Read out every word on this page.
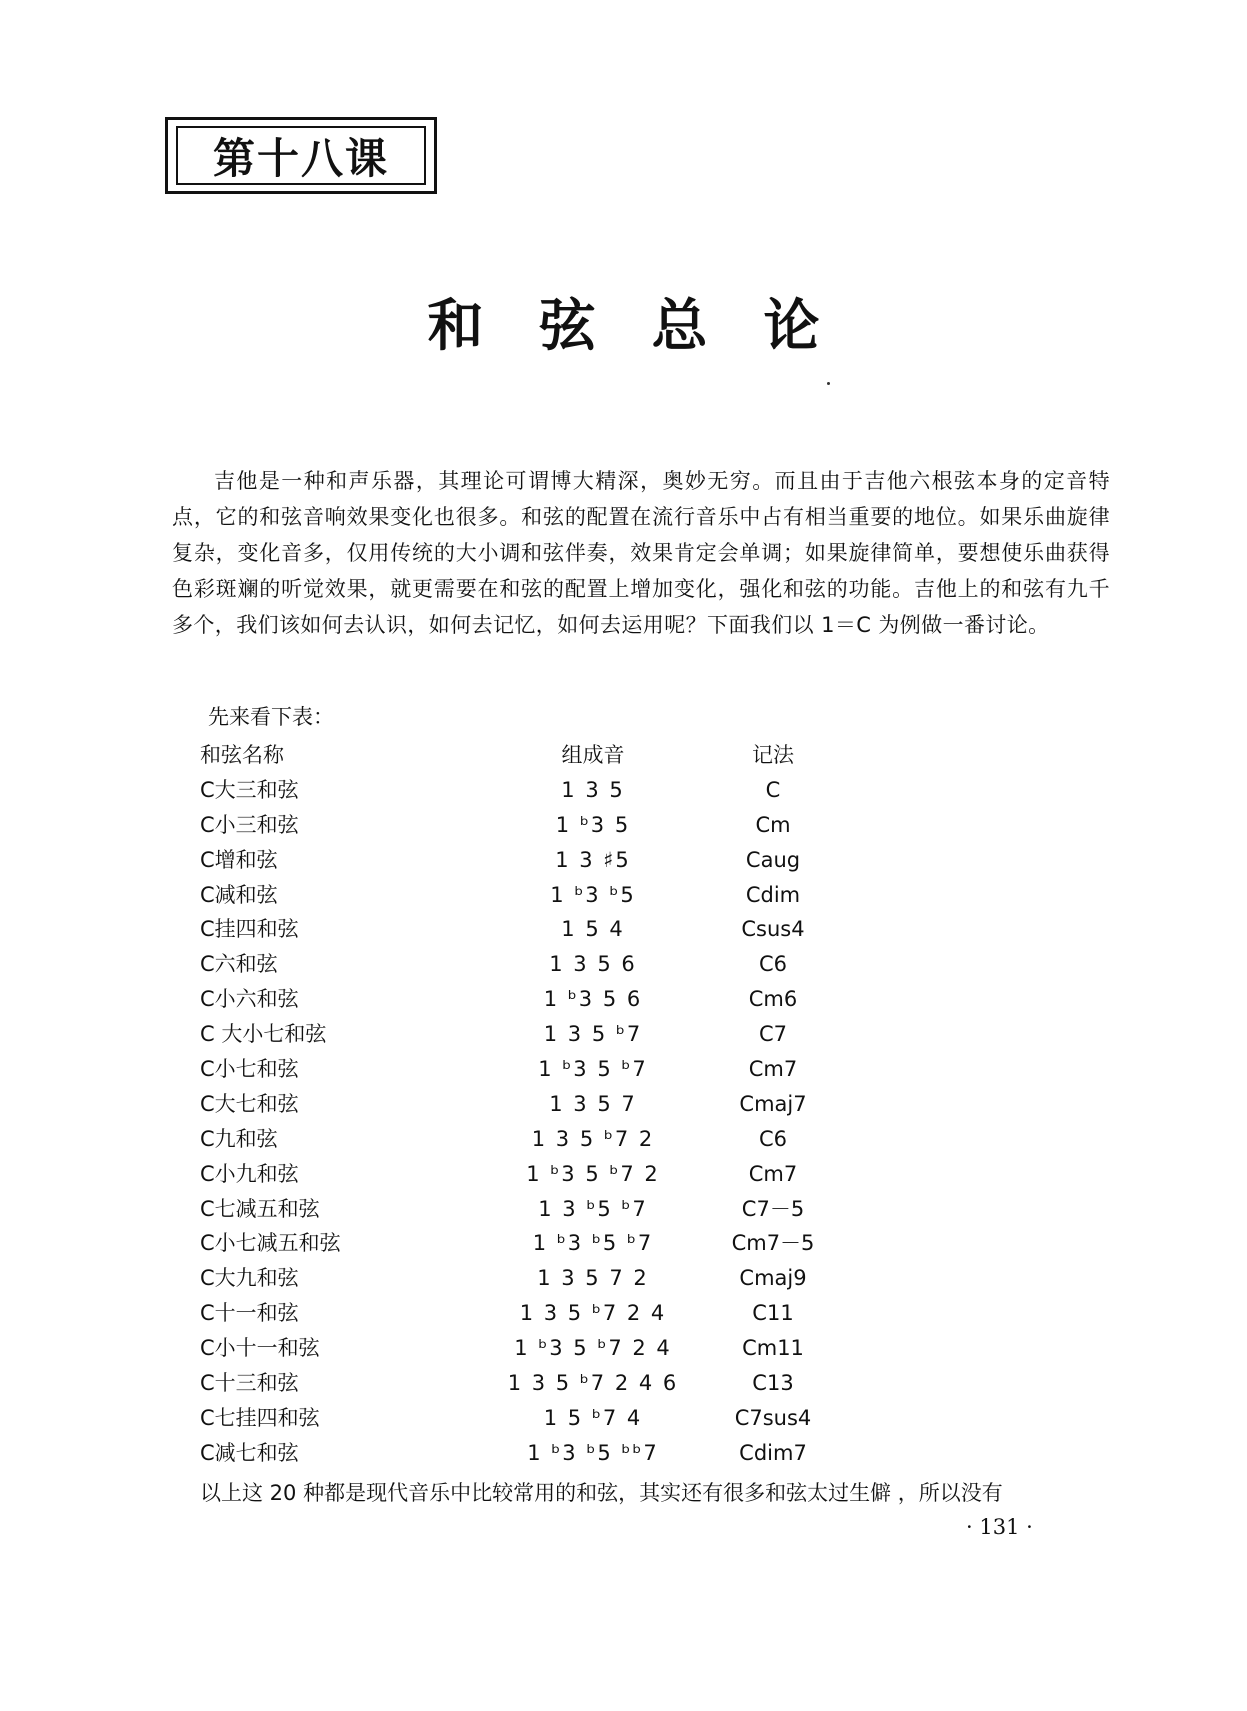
第十八课
和弦总论
吉他是一种和声乐器，其理论可谓博大精深，奥妙无穷。而且由于吉他六根弦本身的定音特点，它的和弦音响效果变化也很多。和弦的配置在流行音乐中占有相当重要的地位。如果乐曲旋律复杂，变化音多，仅用传统的大小调和弦伴奏，效果肯定会单调；如果旋律简单，要想使乐曲获得色彩斑斓的听觉效果，就更需要在和弦的配置上增加变化，强化和弦的功能。吉他上的和弦有九千多个，我们该如何去认识，如何去记忆，如何去运用呢？下面我们以 1＝C 为例做一番讨论。
先来看下表：
和弦名称	组成音	记法
C大三和弦	1 3 5	C
C小三和弦	1 ᵇ3 5	Cm
C增和弦	1 3 ♯5	Caug
C减和弦	1 ᵇ3 ᵇ5	Cdim
C挂四和弦	1 5 4	Csus4
C六和弦	1 3 5 6	C6
C小六和弦	1 ᵇ3 5 6	Cm6
C 大小七和弦	1 3 5 ᵇ7	C7
C小七和弦	1 ᵇ3 5 ᵇ7	Cm7
C大七和弦	1 3 5 7	Cmaj7
C九和弦	1 3 5 ᵇ7 2	C6
C小九和弦	1 ᵇ3 5 ᵇ7 2	Cm7
C七减五和弦	1 3 ᵇ5 ᵇ7	C7－5
C小七减五和弦	1 ᵇ3 ᵇ5 ᵇ7	Cm7－5
C大九和弦	1 3 5 7 2	Cmaj9
C十一和弦	1 3 5 ᵇ7 2 4	C11
C小十一和弦	1 ᵇ3 5 ᵇ7 2 4	Cm11
C十三和弦	1 3 5 ᵇ7 2 4 6	C13
C七挂四和弦	1 5 ᵇ7 4	C7sus4
C减七和弦	1 ᵇ3 ᵇ5 ᵇᵇ7	Cdim7
以上这 20 种都是现代音乐中比较常用的和弦，其实还有很多和弦太过生僻 ，所以没有
· 131 ·
